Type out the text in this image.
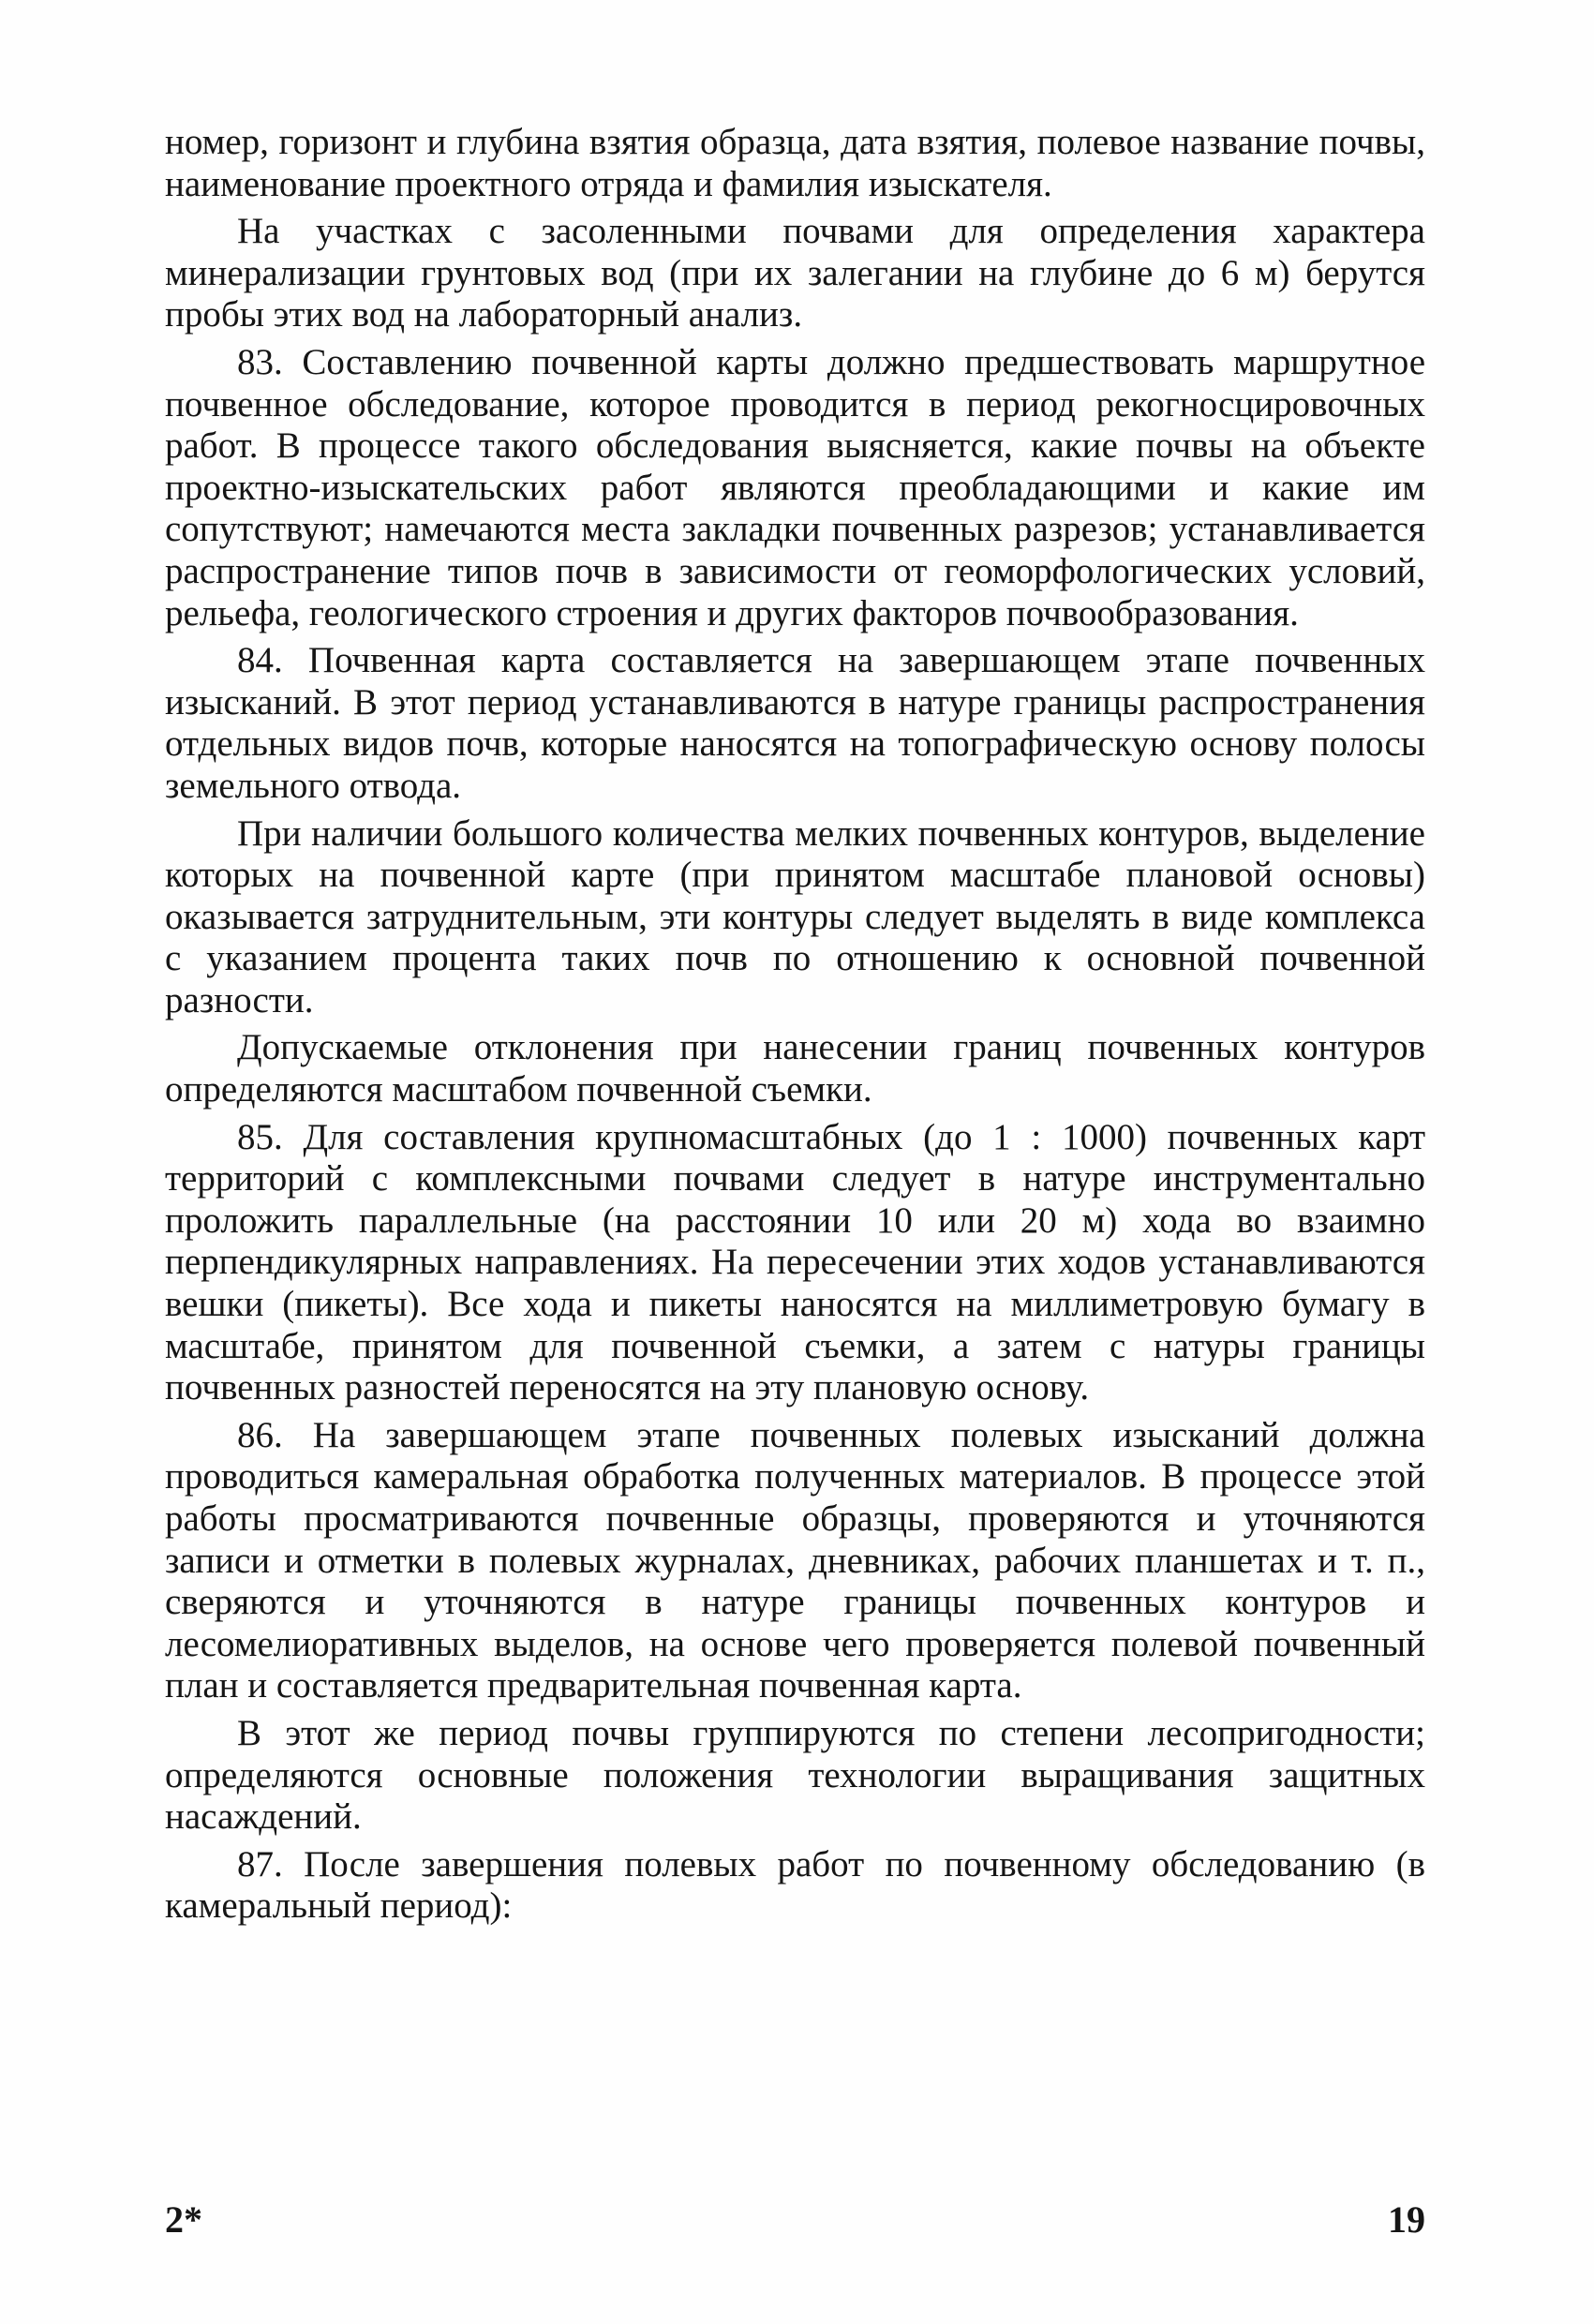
номер, горизонт и глубина взятия образца, дата взятия, полевое название почвы, наименование проектного отряда и фамилия изыскателя.

На участках с засоленными почвами для определения характера минерализации грунтовых вод (при их залегании на глубине до 6 м) берутся пробы этих вод на лабораторный анализ.

83. Составлению почвенной карты должно предшествовать маршрутное почвенное обследование, которое проводится в период рекогносцировочных работ. В процессе такого обследования выясняется, какие почвы на объекте проектно-изыскательских работ являются преобладающими и какие им сопутствуют; намечаются места закладки почвенных разрезов; устанавливается распространение типов почв в зависимости от геоморфологических условий, рельефа, геологического строения и других факторов почвообразования.

84. Почвенная карта составляется на завершающем этапе почвенных изысканий. В этот период устанавливаются в натуре границы распространения отдельных видов почв, которые наносятся на топографическую основу полосы земельного отвода.

При наличии большого количества мелких почвенных контуров, выделение которых на почвенной карте (при принятом масштабе плановой основы) оказывается затруднительным, эти контуры следует выделять в виде комплекса с указанием процента таких почв по отношению к основной почвенной разности.

Допускаемые отклонения при нанесении границ почвенных контуров определяются масштабом почвенной съемки.

85. Для составления крупномасштабных (до 1 : 1000) почвенных карт территорий с комплексными почвами следует в натуре инструментально проложить параллельные (на расстоянии 10 или 20 м) хода во взаимно перпендикулярных направлениях. На пересечении этих ходов устанавливаются вешки (пикеты). Все хода и пикеты наносятся на миллиметровую бумагу в масштабе, принятом для почвенной съемки, а затем с натуры границы почвенных разностей переносятся на эту плановую основу.

86. На завершающем этапе почвенных полевых изысканий должна проводиться камеральная обработка полученных материалов. В процессе этой работы просматриваются почвенные образцы, проверяются и уточняются записи и отметки в полевых журналах, дневниках, рабочих планшетах и т. п., сверяются и уточняются в натуре границы почвенных контуров и лесомелиоративных выделов, на основе чего проверяется полевой почвенный план и составляется предварительная почвенная карта.

В этот же период почвы группируются по степени лесопригодности; определяются основные положения технологии выращивания защитных насаждений.

87. После завершения полевых работ по почвенному обследованию (в камеральный период):

2*	19
